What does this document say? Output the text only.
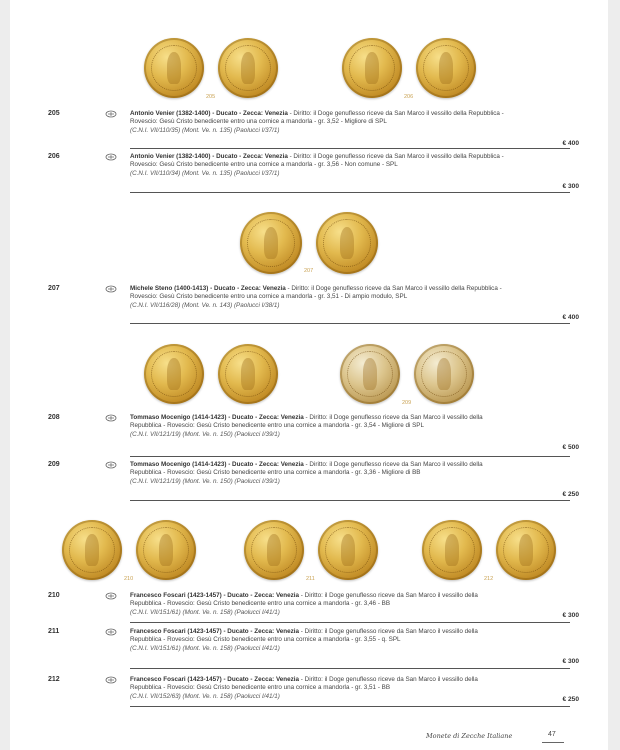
205	206
207
209
210	211	212
205	Antonio Venier (1382-1400) - Ducato - Zecca: Venezia - Diritto: il Doge genuflesso riceve da San Marco il vessillo della Repubblica - Rovescio: Gesù Cristo benedicente entro una cornice a mandorla - gr. 3,52 - Migliore di SPL
(C.N.I. VII/110/35) (Mont. Ve. n. 135) (Paolucci I/37/1)
€ 400
206	Antonio Venier (1382-1400) - Ducato - Zecca: Venezia - Diritto: il Doge genuflesso riceve da San Marco il vessillo della Repubblica - Rovescio: Gesù Cristo benedicente entro una cornice a mandorla - gr. 3,56 - Non comune - SPL
(C.N.I. VII/110/34) (Mont. Ve. n. 135) (Paolucci I/37/1)
€ 300
207	Michele Steno (1400-1413) - Ducato - Zecca: Venezia - Diritto: il Doge genuflesso riceve da San Marco il vessillo della Repubblica - Rovescio: Gesù Cristo benedicente entro una cornice a mandorla - gr. 3,51 - Di ampio modulo, SPL
(C.N.I. VII/116/28) (Mont. Ve. n. 143) (Paolucci I/38/1)
€ 400
208	Tommaso Mocenigo (1414-1423) - Ducato - Zecca: Venezia - Diritto: il Doge genuflesso riceve da San Marco il vessillo della Repubblica - Rovescio: Gesù Cristo benedicente entro una cornice a mandorla - gr. 3,54 - Migliore di SPL
(C.N.I. VII/121/19) (Mont. Ve. n. 150) (Paolucci I/39/1)
€ 500
209	Tommaso Mocenigo (1414-1423) - Ducato - Zecca: Venezia - Diritto: il Doge genuflesso riceve da San Marco il vessillo della Repubblica - Rovescio: Gesù Cristo benedicente entro una cornice a mandorla - gr. 3,36 - Migliore di BB
(C.N.I. VII/121/19) (Mont. Ve. n. 150) (Paolucci I/39/1)
€ 250
210	Francesco Foscari (1423-1457) - Ducato - Zecca: Venezia - Diritto: il Doge genuflesso riceve da San Marco il vessillo della Repubblica - Rovescio: Gesù Cristo benedicente entro una cornice a mandorla - gr. 3,46 - BB
(C.N.I. VII/151/61) (Mont. Ve. n. 158) (Paolucci I/41/1)	€ 300
211	Francesco Foscari (1423-1457) - Ducato - Zecca: Venezia - Diritto: il Doge genuflesso riceve da San Marco il vessillo della Repubblica - Rovescio: Gesù Cristo benedicente entro una cornice a mandorla - gr. 3,55 - q. SPL
(C.N.I. VII/151/61) (Mont. Ve. n. 158) (Paolucci I/41/1)
€ 300
212	Francesco Foscari (1423-1457) - Ducato - Zecca: Venezia - Diritto: il Doge genuflesso riceve da San Marco il vessillo della Repubblica - Rovescio: Gesù Cristo benedicente entro una cornice a mandorla - gr. 3,51 - BB
(C.N.I. VII/152/63) (Mont. Ve. n. 158) (Paolucci I/41/1)	€ 250
Monete di Zecche Italiane	47
